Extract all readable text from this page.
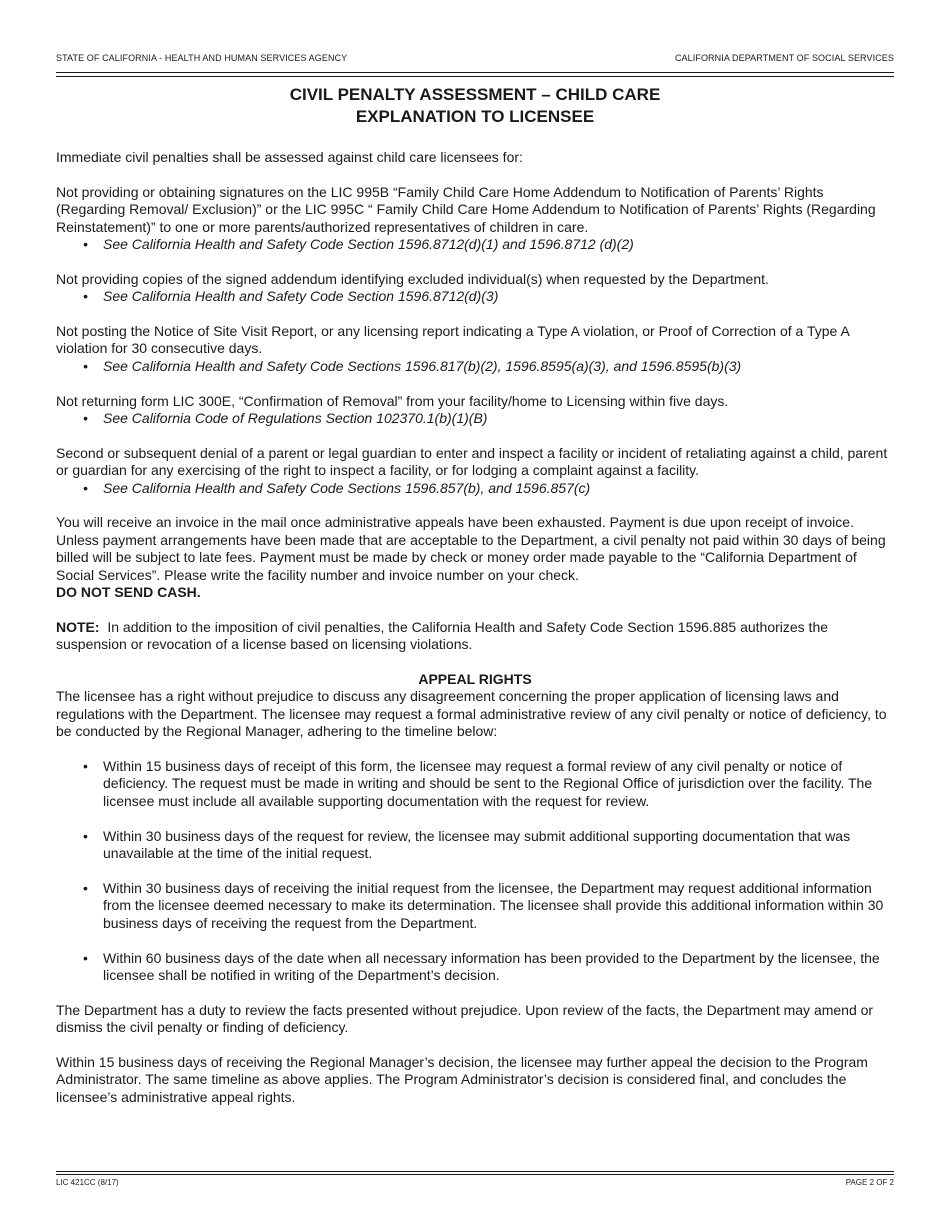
STATE OF CALIFORNIA - HEALTH AND HUMAN SERVICES AGENCY	CALIFORNIA DEPARTMENT OF SOCIAL SERVICES
CIVIL PENALTY ASSESSMENT – CHILD CARE
EXPLANATION TO LICENSEE

Immediate civil penalties shall be assessed against child care licensees for:

Not providing or obtaining signatures on the LIC 995B “Family Child Care Home Addendum to Notification of Parents’ Rights (Regarding Removal/ Exclusion)” or the LIC 995C “ Family Child Care Home Addendum to Notification of Parents’ Rights (Regarding Reinstatement)” to one or more parents/authorized representatives of children in care.
• See California Health and Safety Code Section 1596.8712(d)(1) and 1596.8712 (d)(2)
Not providing copies of the signed addendum identifying excluded individual(s) when requested by the Department.
• See California Health and Safety Code Section 1596.8712(d)(3)
Not posting the Notice of Site Visit Report, or any licensing report indicating a Type A violation, or Proof of Correction of a Type A violation for 30 consecutive days.
• See California Health and Safety Code Sections 1596.817(b)(2), 1596.8595(a)(3), and 1596.8595(b)(3)
Not returning form LIC 300E, “Confirmation of Removal” from your facility/home to Licensing within five days.
• See California Code of Regulations Section 102370.1(b)(1)(B)
Second or subsequent denial of a parent or legal guardian to enter and inspect a facility or incident of retaliating against a child, parent or guardian for any exercising of the right to inspect a facility, or for lodging a complaint against a facility.
• See California Health and Safety Code Sections 1596.857(b), and 1596.857(c)

You will receive an invoice in the mail once administrative appeals have been exhausted. Payment is due upon receipt of invoice. Unless payment arrangements have been made that are acceptable to the Department, a civil penalty not paid within 30 days of being billed will be subject to late fees. Payment must be made by check or money order made payable to the “California Department of Social Services”. Please write the facility number and invoice number on your check.
DO NOT SEND CASH.

NOTE: In addition to the imposition of civil penalties, the California Health and Safety Code Section 1596.885 authorizes the suspension or revocation of a license based on licensing violations.

APPEAL RIGHTS

The licensee has a right without prejudice to discuss any disagreement concerning the proper application of licensing laws and regulations with the Department. The licensee may request a formal administrative review of any civil penalty or notice of deficiency, to be conducted by the Regional Manager, adhering to the timeline below:

• Within 15 business days of receipt of this form, the licensee may request a formal review of any civil penalty or notice of deficiency. The request must be made in writing and should be sent to the Regional Office of jurisdiction over the facility. The licensee must include all available supporting documentation with the request for review.
• Within 30 business days of the request for review, the licensee may submit additional supporting documentation that was unavailable at the time of the initial request.
• Within 30 business days of receiving the initial request from the licensee, the Department may request additional information from the licensee deemed necessary to make its determination. The licensee shall provide this additional information within 30 business days of receiving the request from the Department.
• Within 60 business days of the date when all necessary information has been provided to the Department by the licensee, the licensee shall be notified in writing of the Department’s decision.

The Department has a duty to review the facts presented without prejudice. Upon review of the facts, the Department may amend or dismiss the civil penalty or finding of deficiency.

Within 15 business days of receiving the Regional Manager’s decision, the licensee may further appeal the decision to the Program Administrator. The same timeline as above applies. The Program Administrator’s decision is considered final, and concludes the licensee’s administrative appeal rights.

LIC 421CC (8/17)	PAGE 2 OF 2
